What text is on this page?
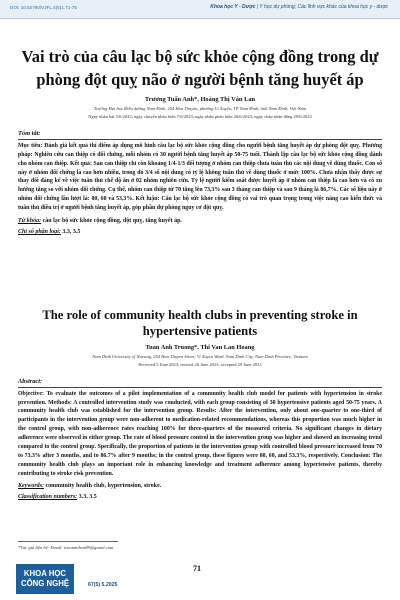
DOI: 10.52780/VJFL.4(5)1.71-75	Khoa học Y - Dược | Y học dự phòng; Các lĩnh vực khác của khoa học y - dược
Vai trò của câu lạc bộ sức khỏe cộng đồng trong dự phòng đột quỵ não ở người bệnh tăng huyết áp
Trương Tuấn Anh*, Hoàng Thị Vân Lan
Trường Đại học Điều dưỡng Nam Định, 254 Hàn Thuyên, phường Vị Xuyên, TP Nam Định, tỉnh Nam Định, Việt Nam
Ngày nhận bài 5/6/2023; ngày chuyển phản biện 7/6/2023; ngày nhận phản biện 26/6/2023; ngày chấp nhận đăng 29/6/2023
Tóm tắt:
Mục tiêu: Đánh giá kết quả thí điểm áp dụng mô hình câu lạc bộ sức khỏe cộng đồng cho người bệnh tăng huyết áp dự phòng đột quỵ. Phương pháp: Nghiên cứu can thiệp có đối chứng, mỗi nhóm có 30 người bệnh tăng huyết áp 50-75 tuổi. Thành lập câu lạc bộ sức khỏe cộng đồng dành cho nhóm can thiệp. Kết quả: Sau can thiệp chỉ còn khoảng 1/4-1/3 đối tượng ở nhóm can thiệp chưa tuân thủ các nội dung về dùng thuốc. Con số này ở nhóm đối chứng là cao hơn nhiều, trong đó 3/4 số nội dung có tỷ lệ không tuân thủ về dùng thuốc ở mức 100%. Chưa nhận thấy được sự thay đổi đáng kể về việc tuân thủ chế độ ăn ở 02 nhóm nghiên cứu. Tỷ lệ người kiểm soát được huyết áp ở nhóm can thiệp là cao hơn và có xu hướng tăng so với nhóm đối chứng. Cụ thể, nhóm can thiệp từ 70 tăng lên 73,3% sau 3 tháng can thiệp và sau 9 tháng là 86,7%. Các số liệu này ở nhóm đối chứng lần lượt là: 80, 60 và 53,3%. Kết luận: Câu lạc bộ sức khỏe cộng đồng có vai trò quan trọng trong việc nâng cao kiến thức và tuân thủ điều trị ở người bệnh tăng huyết áp, góp phần dự phòng nguy cơ đột quỵ.
Từ khóa: câu lạc bộ sức khỏe cộng đồng, đột quỵ, tăng huyết áp.
Chỉ số phân loại: 3.3, 3.5
The role of community health clubs in preventing stroke in hypertensive patients
Tuan Anh Truong*, Thi Van Lan Hoang
Nam Dinh University of Nursing, 254 Han Thuyen Street, Vi Xuyen Ward, Nam Dinh City, Nam Dinh Province, Vietnam
Received 5 June 2023; revised 26 June 2023; accepted 29 June 2023
Abstract:
Objective: To evaluate the outcomes of a pilot implementation of a community health club model for patients with hypertension in stroke prevention. Methods: A controlled intervention study was conducted, with each group consisting of 30 hypertensive patients aged 50-75 years. A community health club was established for the intervention group. Results: After the intervention, only about one-quarter to one-third of participants in the intervention group were non-adherent to medication-related recommendations, whereas this proportion was much higher in the control group, with non-adherence rates reaching 100% for three-quarters of the measured criteria. No significant changes in dietary adherence were observed in either group. The rate of blood pressure control in the intervention group was higher and showed an increasing trend compared to the control group. Specifically, the proportion of patients in the intervention group with controlled blood pressure increased from 70 to 73.3% after 3 months, and to 86.7% after 9 months; in the control group, these figures were 80, 60, and 53.3%, respectively. Conclusion: The community health club plays an important role in enhancing knowledge and treatment adherence among hypertensive patients, thereby contributing to stroke risk prevention.
Keywords: community health club, hypertension, stroke.
Classification numbers: 3.3, 3.5
*Tác giả liên hệ: Email: truonanhva89@gmail.com
KHOA HỌC
CÔNG NGHỆ	67(5) 5.2025
71
